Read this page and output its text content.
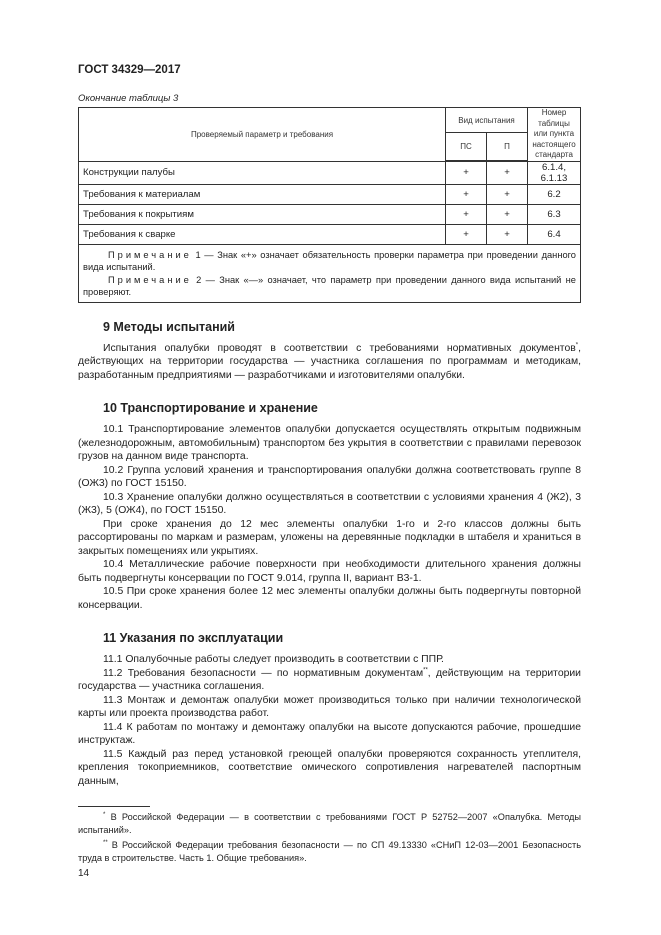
ГОСТ 34329—2017
Окончание таблицы 3
Проверяемый параметр и требования	Вид испытания		Номер таблицы или пункта настоящего стандарта
	ПС	П	
Конструкции палубы	+	+	6.1.4, 6.1.13
Требования к материалам	+	+	6.2
Требования к покрытиям	+	+	6.3
Требования к сварке	+	+	6.4

Примечание 1 — Знак «+» означает обязательность проверки параметра при проведении данного вида испытаний.
Примечание 2 — Знак «—» означает, что параметр при проведении данного вида испытаний не проверяют.			
9 Методы испытаний

Испытания опалубки проводят в соответствии с требованиями нормативных документов*, действующих на территории государства — участника соглашения по программам и методикам, разработанным предприятиями — разработчиками и изготовителями опалубки.

10 Транспортирование и хранение

10.1 Транспортирование элементов опалубки допускается осуществлять открытым подвижным (железнодорожным, автомобильным) транспортом без укрытия в соответствии с правилами перевозок грузов на данном виде транспорта.

10.2 Группа условий хранения и транспортирования опалубки должна соответствовать группе 8 (ОЖ3) по ГОСТ 15150.

10.3 Хранение опалубки должно осуществляться в соответствии с условиями хранения 4 (Ж2), 3 (Ж3), 5 (ОЖ4), по ГОСТ 15150.

При сроке хранения до 12 мес элементы опалубки 1-го и 2-го классов должны быть рассортированы по маркам и размерам, уложены на деревянные подкладки в штабеля и храниться в закрытых помещениях или укрытиях.

10.4 Металлические рабочие поверхности при необходимости длительного хранения должны быть подвергнуты консервации по ГОСТ 9.014, группа II, вариант В3-1.

10.5 При сроке хранения более 12 мес элементы опалубки должны быть подвергнуты повторной консервации.

11 Указания по эксплуатации

11.1 Опалубочные работы следует производить в соответствии с ППР.

11.2 Требования безопасности — по нормативным документам**, действующим на территории государства — участника соглашения.

11.3 Монтаж и демонтаж опалубки может производиться только при наличии технологической карты или проекта производства работ.

11.4 К работам по монтажу и демонтажу опалубки на высоте допускаются рабочие, прошедшие инструктаж.

11.5 Каждый раз перед установкой греющей опалубки проверяются сохранность утеплителя, крепления токоприемников, соответствие омического сопротивления нагревателей паспортным данным,

* В Российской Федерации — в соответствии с требованиями ГОСТ Р 52752—2007 «Опалубка. Методы испытаний».

** В Российской Федерации требования безопасности — по СП 49.13330 «СНиП 12-03—2001 Безопасность труда в строительстве. Часть 1. Общие требования».

14
